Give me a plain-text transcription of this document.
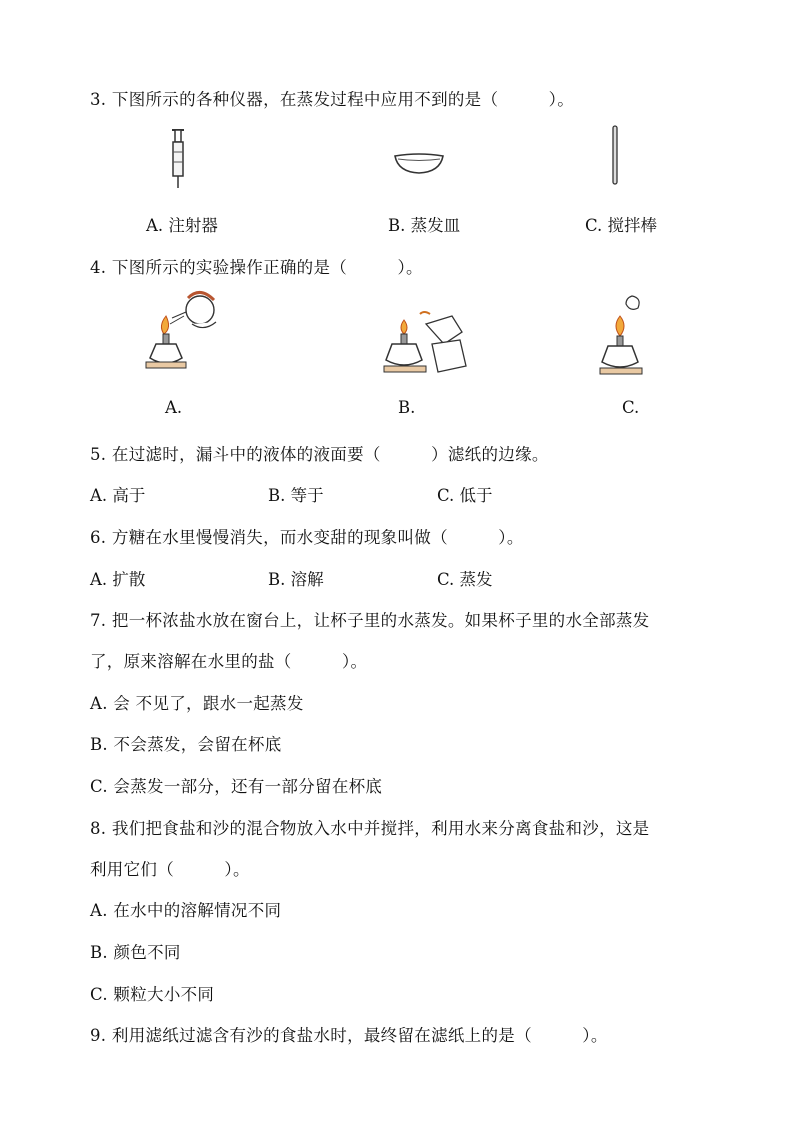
3. 下图所示的各种仪器，在蒸发过程中应用不到的是（　　　）。
A. 注射器	B. 蒸发皿	C. 搅拌棒
4. 下图所示的实验操作正确的是（　　　）。
A.	B.	C.
5. 在过滤时，漏斗中的液体的液面要（　　　）滤纸的边缘。
A. 高于	B. 等于	C. 低于
6. 方糖在水里慢慢消失，而水变甜的现象叫做（　　　）。
A. 扩散	B. 溶解	C. 蒸发
7. 把一杯浓盐水放在窗台上，让杯子里的水蒸发。如果杯子里的水全部蒸发
了，原来溶解在水里的盐（　　　）。
A. 会 不见了，跟水一起蒸发
B. 不会蒸发，会留在杯底
C. 会蒸发一部分，还有一部分留在杯底
8. 我们把食盐和沙的混合物放入水中并搅拌，利用水来分离食盐和沙，这是
利用它们（　　　）。
A. 在水中的溶解情况不同
B. 颜色不同
C. 颗粒大小不同
9. 利用滤纸过滤含有沙的食盐水时，最终留在滤纸上的是（　　　）。
